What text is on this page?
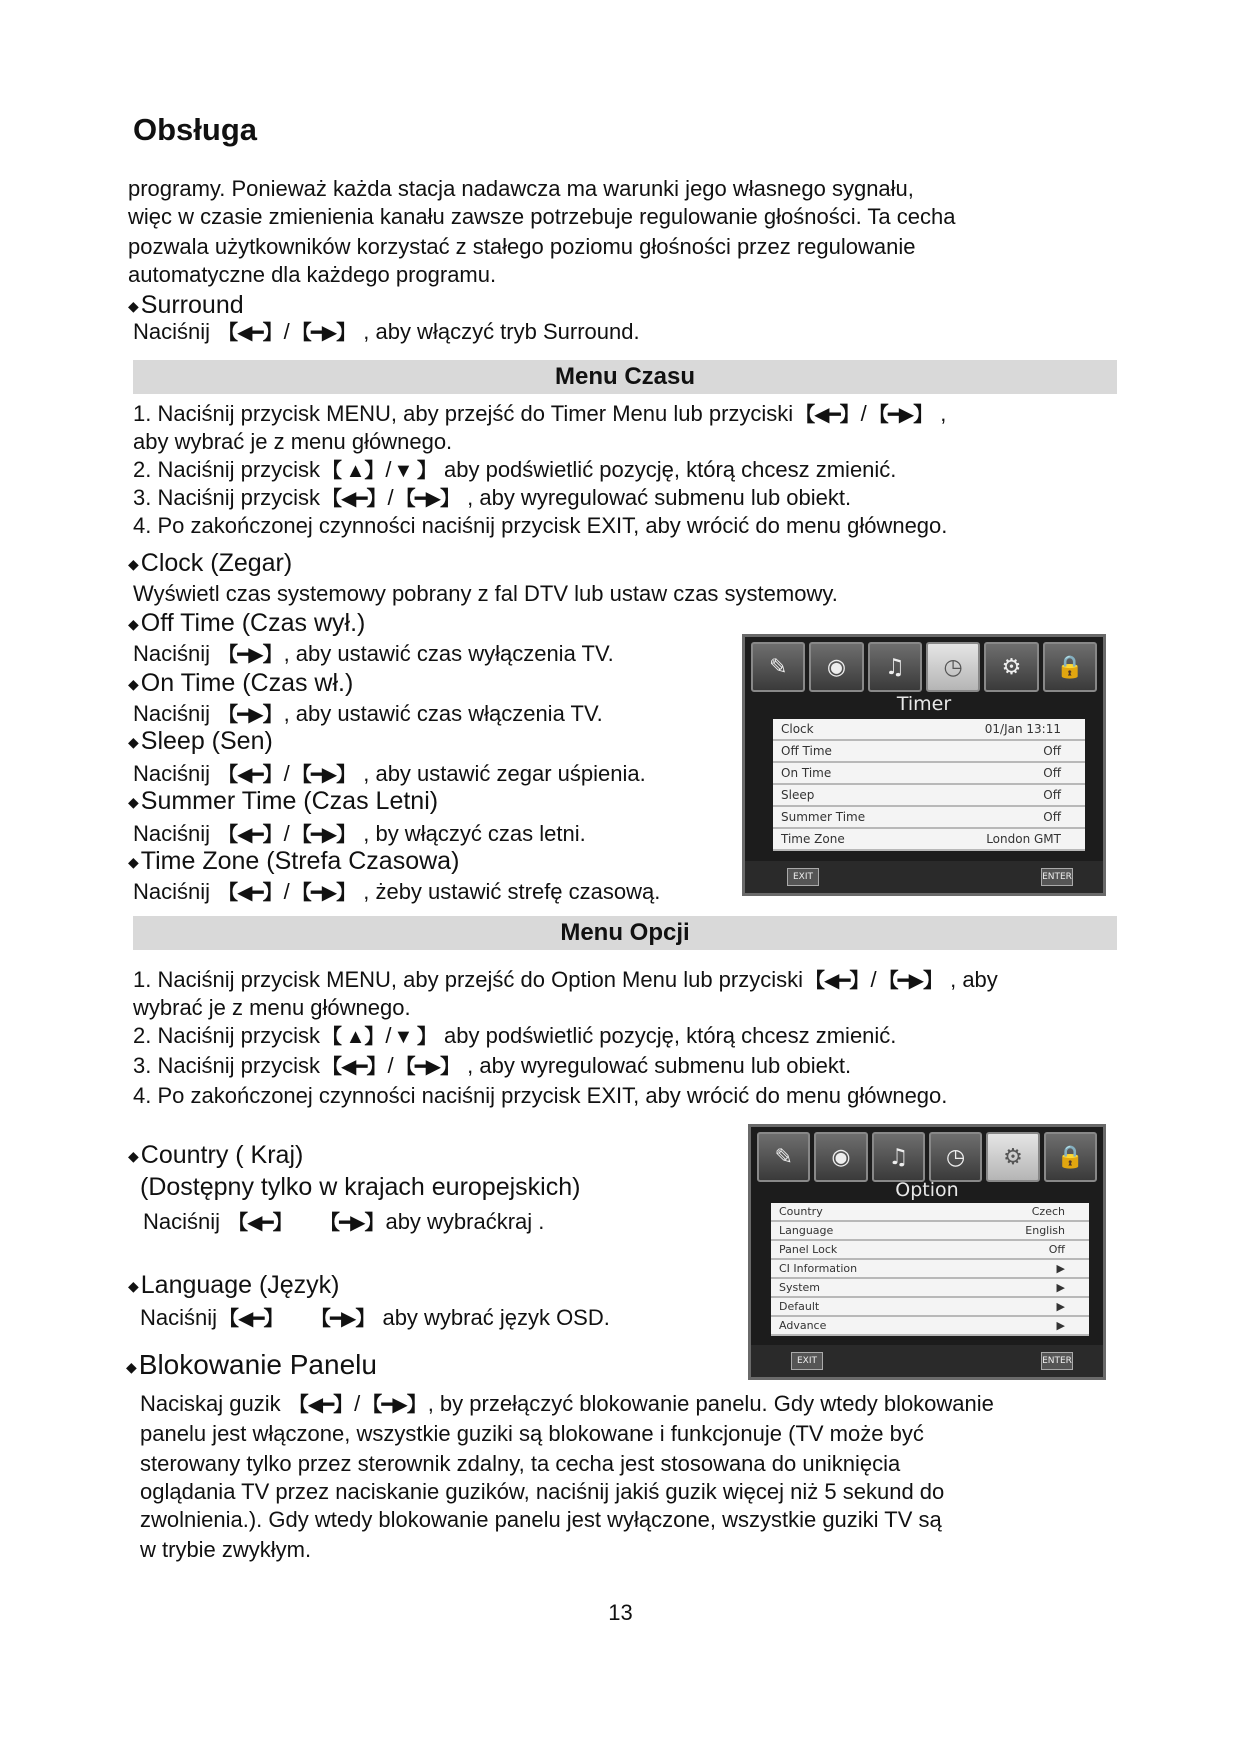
Obsługa
programy. Ponieważ każda stacja nadawcza ma warunki jego własnego sygnału,
więc w czasie zmienienia kanału zawsze potrzebuje regulowanie głośności. Ta cecha
pozwala użytkowników korzystać z stałego poziomu głośności przez regulowanie
automatyczne dla każdego programu.
◆Surround
Naciśnij 【◀━】/ 【━▶】 , aby włączyć tryb Surround.
Menu Czasu
1. Naciśnij przycisk MENU, aby przejść do Timer Menu lub przyciski 【◀━】/ 【━▶】 ,
aby wybrać je z menu głównego.
2. Naciśnij przycisk 【 ▲】/ ▼ 】 aby podświetlić pozycję, którą chcesz zmienić.
3. Naciśnij przycisk 【◀━】/ 【━▶】 , aby wyregulować submenu lub obiekt.
4. Po zakończonej czynności naciśnij przycisk EXIT, aby wrócić do menu głównego.
◆Clock (Zegar)
Wyświetl czas systemowy pobrany z fal DTV lub ustaw czas systemowy.
◆Off Time (Czas wył.)
Naciśnij 【━▶】, aby ustawić czas wyłączenia TV.
◆On Time (Czas wł.)
Naciśnij 【━▶】, aby ustawić czas włączenia TV.
◆Sleep (Sen)
Naciśnij 【◀━】/ 【━▶】 , aby ustawić zegar uśpienia.
◆Summer Time (Czas Letni)
Naciśnij 【◀━】/ 【━▶】 , by włączyć czas letni.
◆Time Zone (Strefa Czasowa)
Naciśnij 【◀━】/ 【━▶】 , żeby ustawić strefę czasową.
✎	◉	♫	◷	⚙	🔒
Timer
Clock	01/Jan 13:11
Off Time	Off
On Time	Off
Sleep	Off
Summer Time	Off
Time Zone	London GMT
EXIT	ENTER
Menu Opcji
1. Naciśnij przycisk MENU, aby przejść do Option Menu lub przyciski 【◀━】/ 【━▶】 , aby
wybrać je z menu głównego.
2. Naciśnij przycisk 【 ▲】/ ▼ 】 aby podświetlić pozycję, którą chcesz zmienić.
3. Naciśnij przycisk 【◀━】/ 【━▶】 , aby wyregulować submenu lub obiekt.
4. Po zakończonej czynności naciśnij przycisk EXIT, aby wrócić do menu głównego.
◆Country ( Kraj)
(Dostępny tylko w krajach europejskich)
Naciśnij 【◀━】 【━▶】aby wybraćkraj .
◆Language (Język)
Naciśnij 【◀━】 【━▶】 aby wybrać język OSD.
◆Blokowanie Panelu
Naciskaj guzik 【◀━】/ 【━▶】, by przełączyć blokowanie panelu. Gdy wtedy blokowanie
panelu jest włączone, wszystkie guziki są blokowane i funkcjonuje (TV może być
sterowany tylko przez sterownik zdalny, ta cecha jest stosowana do uniknięcia
oglądania TV przez naciskanie guzików, naciśnij jakiś guzik więcej niż 5 sekund do
zwolnienia.). Gdy wtedy blokowanie panelu jest wyłączone, wszystkie guziki TV są
w trybie zwykłym.
✎	◉	♫	◷	⚙	🔒
Option
Country	Czech
Language	English
Panel Lock	Off
CI Information	▶
System	▶
Default	▶
Advance	▶
EXIT	ENTER
13
